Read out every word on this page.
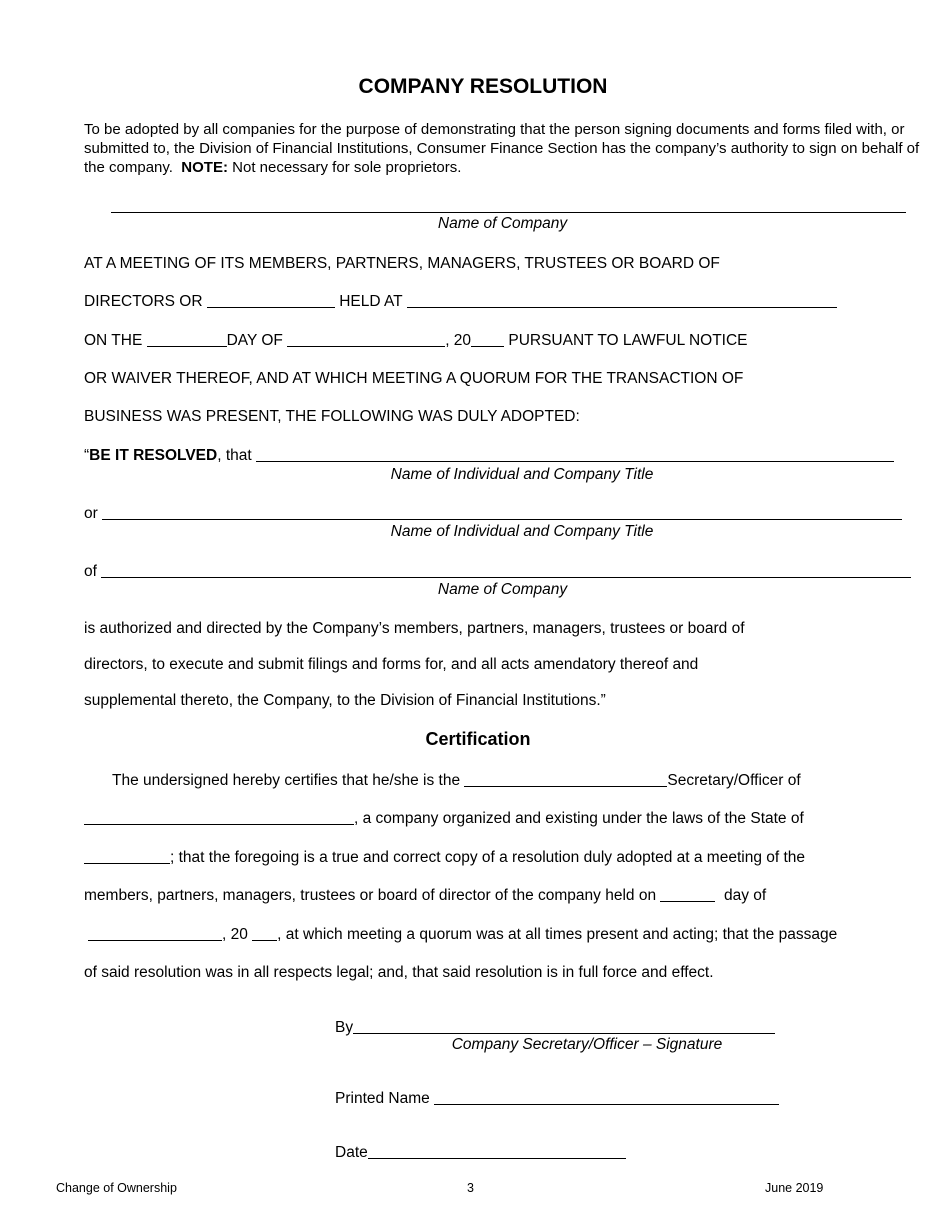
COMPANY RESOLUTION
To be adopted by all companies for the purpose of demonstrating that the person signing documents and forms filed with, or submitted to, the Division of Financial Institutions, Consumer Finance Section has the company’s authority to sign on behalf of the company. NOTE: Not necessary for sole proprietors.
Name of Company
AT A MEETING OF ITS MEMBERS, PARTNERS, MANAGERS, TRUSTEES OR BOARD OF
DIRECTORS OR	HELD AT
ON THE	DAY OF	, 20 PURSUANT TO LAWFUL NOTICE
OR WAIVER THEREOF, AND AT WHICH MEETING A QUORUM FOR THE TRANSACTION OF
BUSINESS WAS PRESENT, THE FOLLOWING WAS DULY ADOPTED:
“BE IT RESOLVED, that
Name of Individual and Company Title
or
Name of Individual and Company Title
of
Name of Company
is authorized and directed by the Company’s members, partners, managers, trustees or board of
directors, to execute and submit filings and forms for, and all acts amendatory thereof and
supplemental thereto, the Company, to the Division of Financial Institutions.”
Certification
The undersigned hereby certifies that he/she is the	Secretary/Officer of
, a company organized and existing under the laws of the State of
; that the foregoing is a true and correct copy of a resolution duly adopted at a meeting of the
members, partners, managers, trustees or board of director of the company held on	day of
, 20 , at which meeting a quorum was at all times present and acting; that the passage
of said resolution was in all respects legal; and, that said resolution is in full force and effect.
By
Company Secretary/Officer – Signature
Printed Name
Date
Change of Ownership	3	June 2019
